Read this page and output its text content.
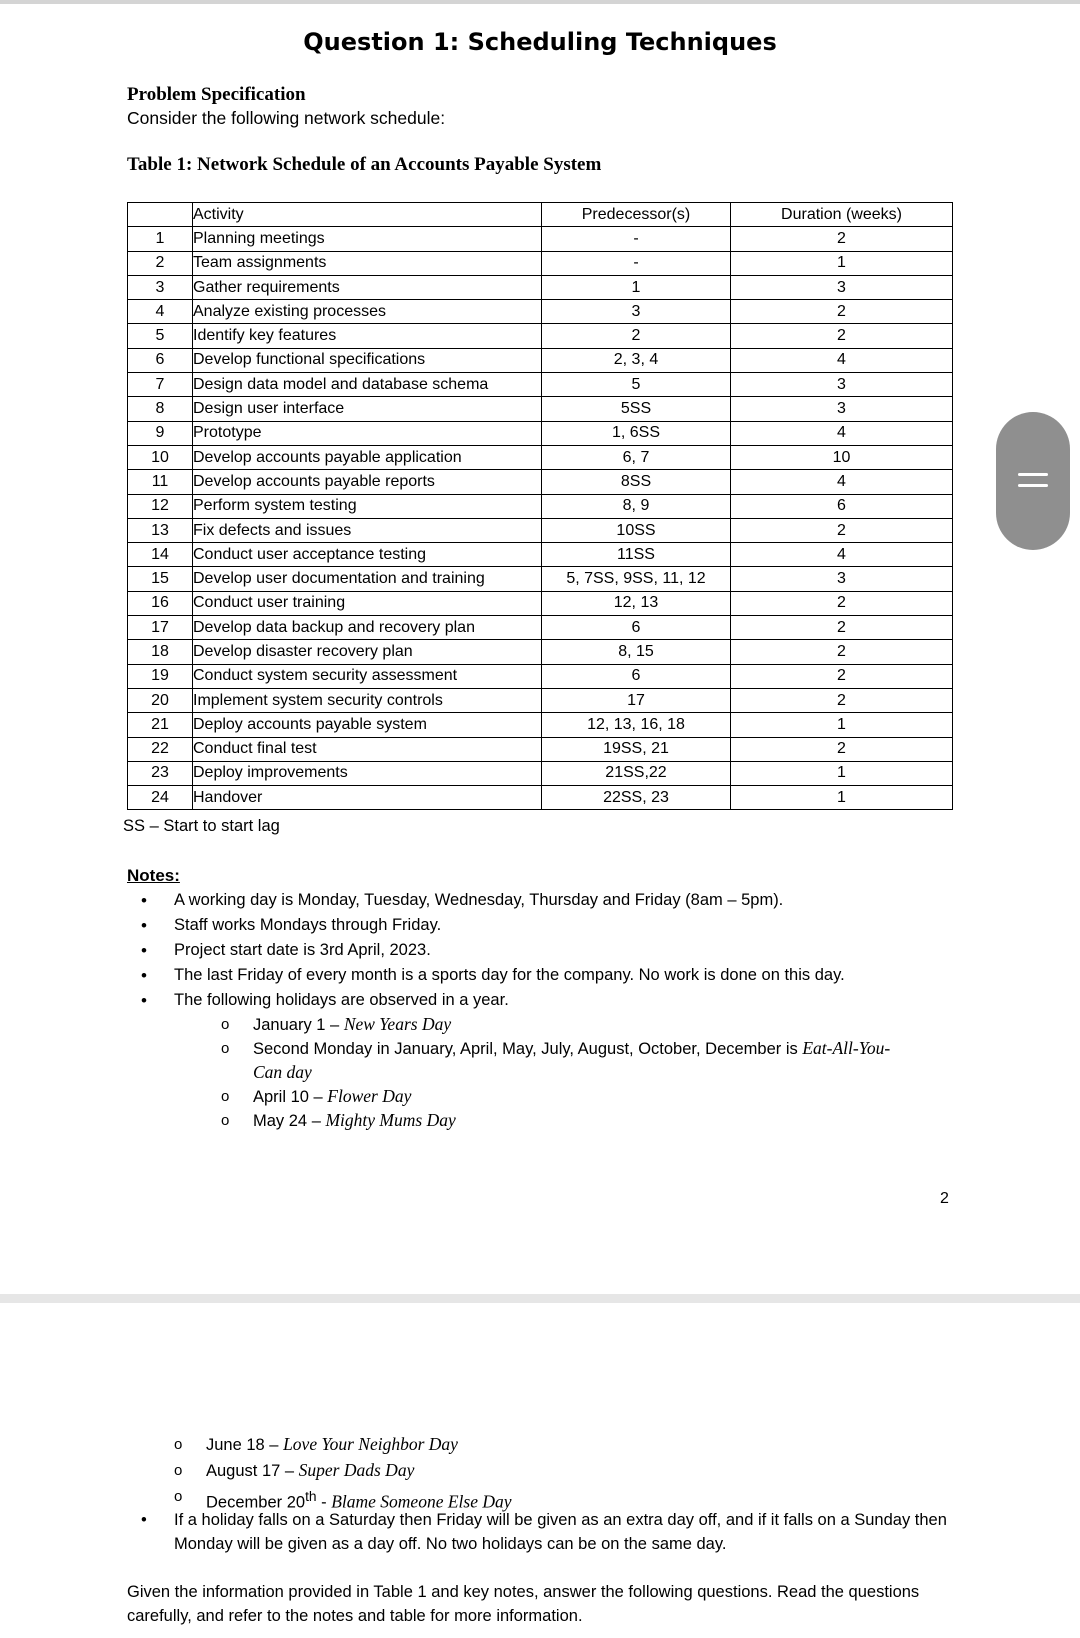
Question 1: Scheduling Techniques
Problem Specification
Consider the following network schedule:
Table 1: Network Schedule of an Accounts Payable System
	Activity	Predecessor(s)	Duration (weeks)
1	Planning meetings	-	2
2	Team assignments	-	1
3	Gather requirements	1	3
4	Analyze existing processes	3	2
5	Identify key features	2	2
6	Develop functional specifications	2, 3, 4	4
7	Design data model and database schema	5	3
8	Design user interface	5SS	3
9	Prototype	1, 6SS	4
10	Develop accounts payable application	6, 7	10
11	Develop accounts payable reports	8SS	4
12	Perform system testing	8, 9	6
13	Fix defects and issues	10SS	2
14	Conduct user acceptance testing	11SS	4
15	Develop user documentation and training	5, 7SS, 9SS, 11, 12	3
16	Conduct user training	12, 13	2
17	Develop data backup and recovery plan	6	2
18	Develop disaster recovery plan	8, 15	2
19	Conduct system security assessment	6	2
20	Implement system security controls	17	2
21	Deploy accounts payable system	12, 13, 16, 18	1
22	Conduct final test	19SS, 21	2
23	Deploy improvements	21SS,22	1
24	Handover	22SS, 23	1
SS – Start to start lag
Notes:
• A working day is Monday, Tuesday, Wednesday, Thursday and Friday (8am – 5pm).
• Staff works Mondays through Friday.
• Project start date is 3rd April, 2023.
• The last Friday of every month is a sports day for the company. No work is done on this day.
• The following holidays are observed in a year.
o January 1 – New Years Day
o Second Monday in January, April, May, July, August, October, December is Eat-All-You-Can day
o April 10 – Flower Day
o May 24 – Mighty Mums Day
2
o June 18 – Love Your Neighbor Day
o August 17 – Super Dads Day
o December 20th - Blame Someone Else Day
• If a holiday falls on a Saturday then Friday will be given as an extra day off, and if it falls on a Sunday then Monday will be given as a day off. No two holidays can be on the same day.
Given the information provided in Table 1 and key notes, answer the following questions. Read the questions carefully, and refer to the notes and table for more information.
